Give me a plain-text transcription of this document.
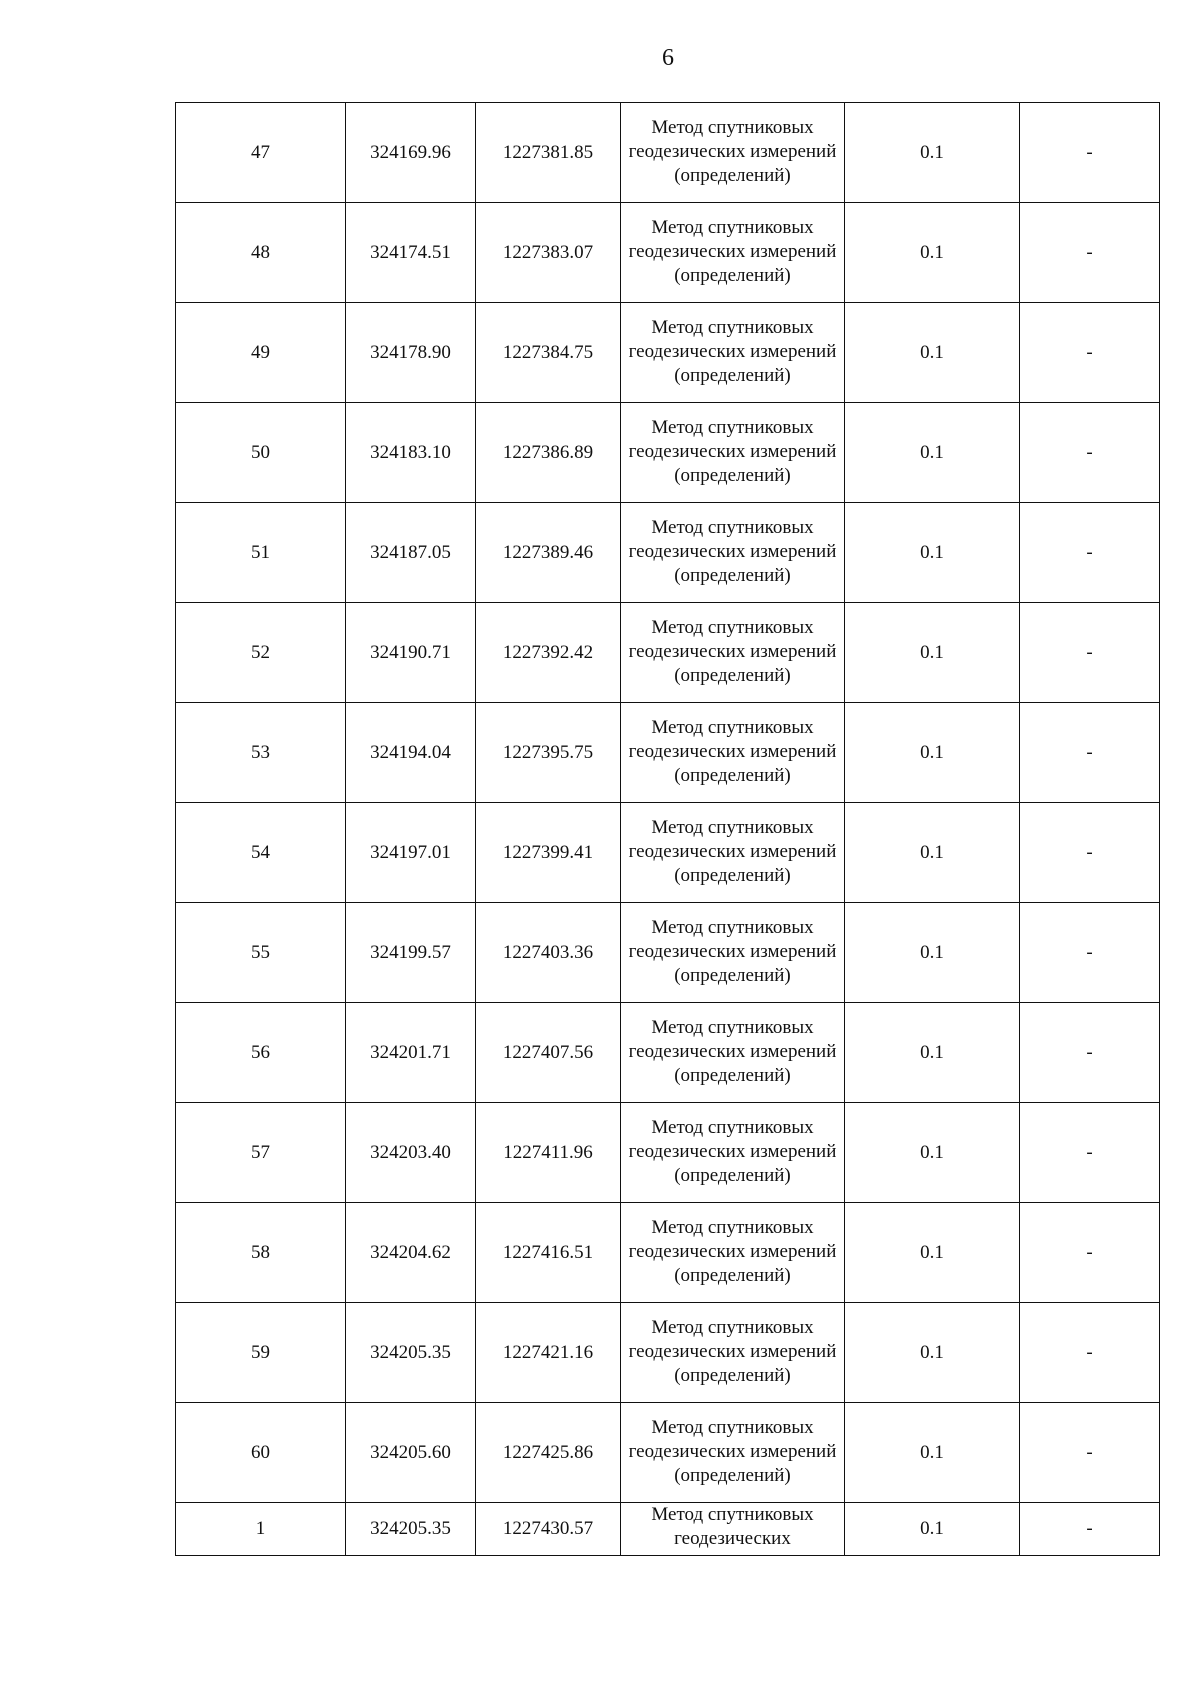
6
47	324169.96	1227381.85	Метод спутниковых геодезических измерений (определений)	0.1	-
48	324174.51	1227383.07	Метод спутниковых геодезических измерений (определений)	0.1	-
49	324178.90	1227384.75	Метод спутниковых геодезических измерений (определений)	0.1	-
50	324183.10	1227386.89	Метод спутниковых геодезических измерений (определений)	0.1	-
51	324187.05	1227389.46	Метод спутниковых геодезических измерений (определений)	0.1	-
52	324190.71	1227392.42	Метод спутниковых геодезических измерений (определений)	0.1	-
53	324194.04	1227395.75	Метод спутниковых геодезических измерений (определений)	0.1	-
54	324197.01	1227399.41	Метод спутниковых геодезических измерений (определений)	0.1	-
55	324199.57	1227403.36	Метод спутниковых геодезических измерений (определений)	0.1	-
56	324201.71	1227407.56	Метод спутниковых геодезических измерений (определений)	0.1	-
57	324203.40	1227411.96	Метод спутниковых геодезических измерений (определений)	0.1	-
58	324204.62	1227416.51	Метод спутниковых геодезических измерений (определений)	0.1	-
59	324205.35	1227421.16	Метод спутниковых геодезических измерений (определений)	0.1	-
60	324205.60	1227425.86	Метод спутниковых геодезических измерений (определений)	0.1	-
1	324205.35	1227430.57	Метод спутниковых геодезических	0.1	-
